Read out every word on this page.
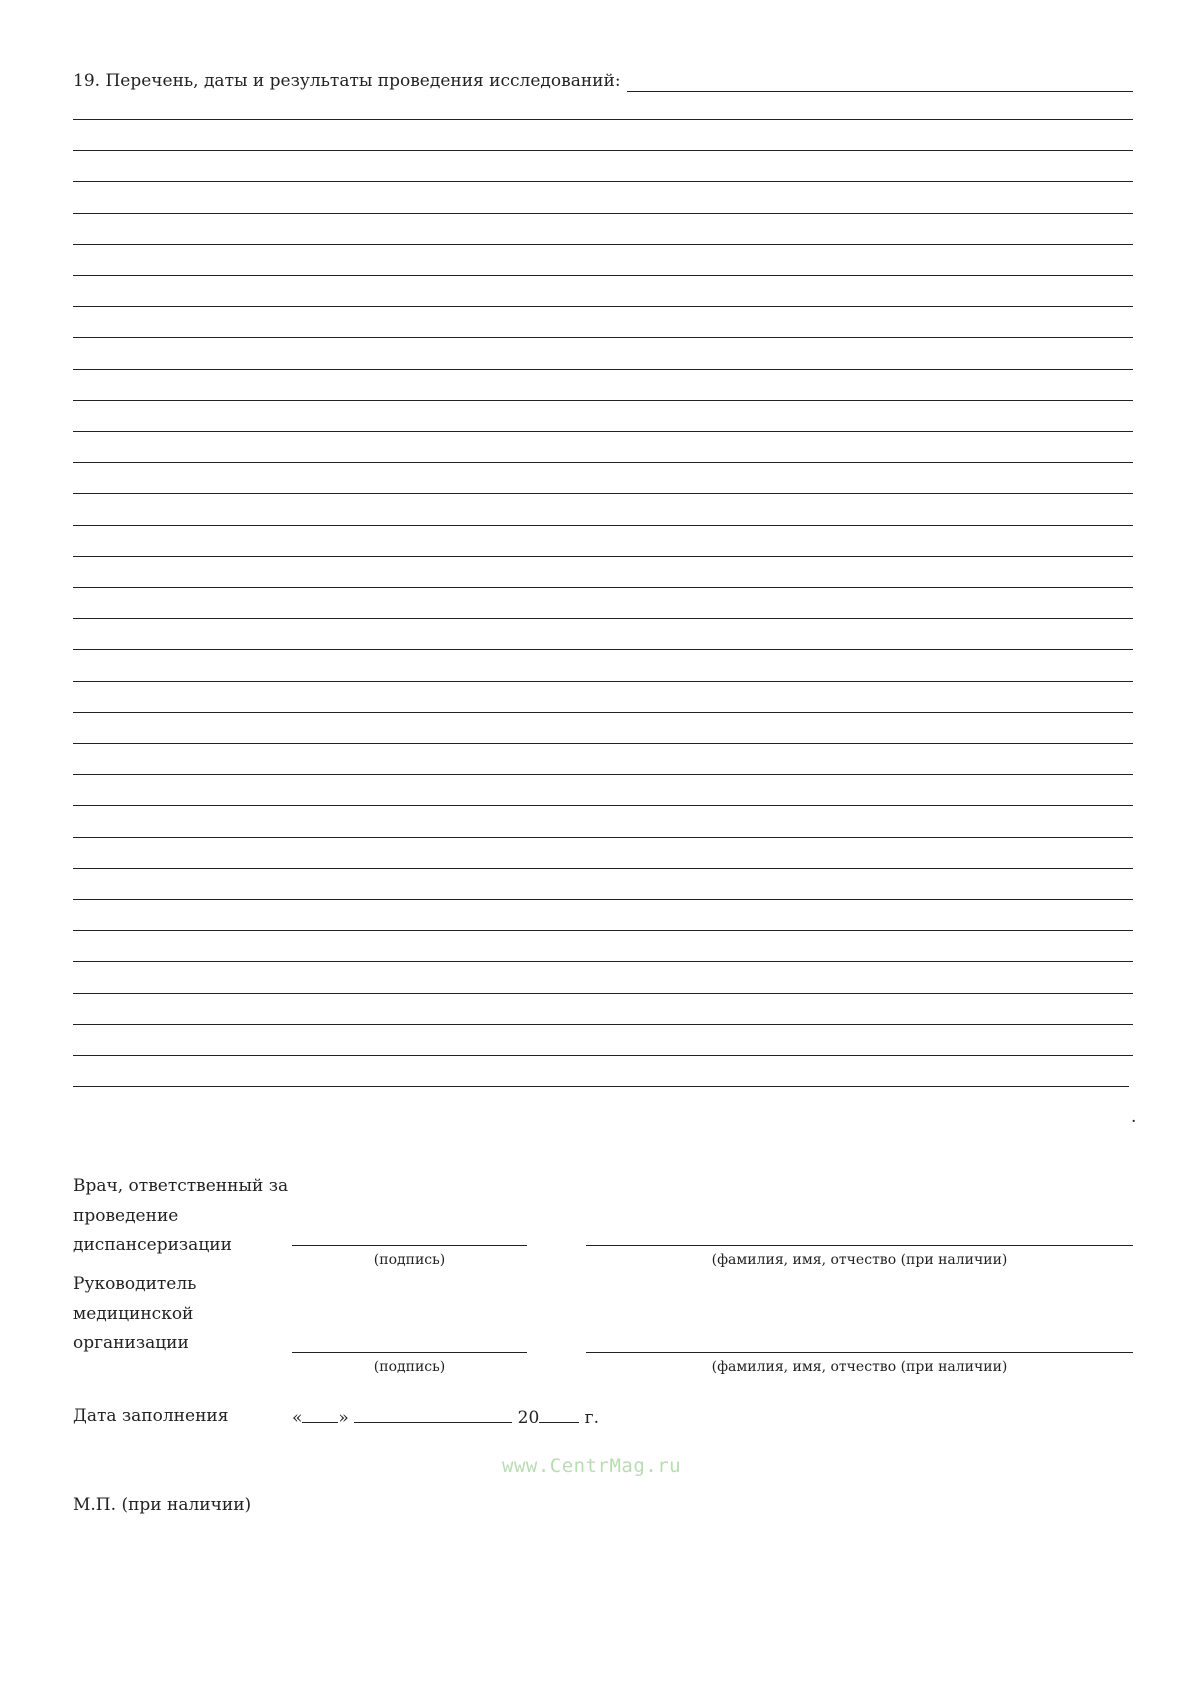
19. Перечень, даты и результаты проведения исследований:
.
Врач, ответственный за проведение диспансеризации
(подпись)	(фамилия, имя, отчество (при наличии)
Руководитель медицинской организации
(подпись)	(фамилия, имя, отчество (при наличии)
Дата заполнения	« »	20	г.
www.CentrMag.ru
М.П. (при наличии)
